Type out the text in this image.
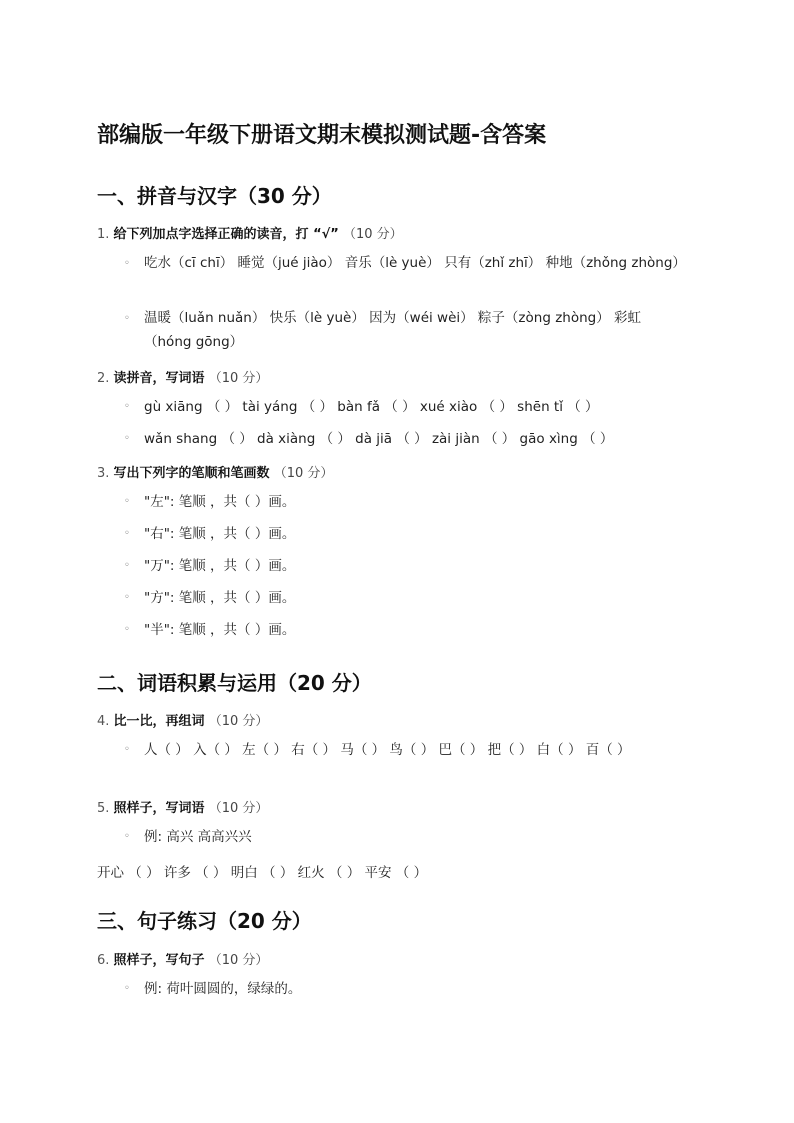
部编版一年级下册语文期末模拟测试题-含答案
一、拼音与汉字（30 分）
1. 给下列加点字选择正确的读音，打 “√” （10 分）
◦ 吃水（cī chī） 睡觉（jué jiào） 音乐（lè yuè） 只有（zhǐ zhī） 种地（zhǒng zhòng）
◦ 温暖（luǎn nuǎn） 快乐（lè yuè） 因为（wéi wèi） 粽子（zòng zhòng） 彩虹 （hóng gōng）
2. 读拼音，写词语 （10 分）
◦ gù xiāng （ ） tài yáng （ ） bàn fǎ （ ） xué xiào （ ） shēn tǐ （ ）
◦ wǎn shang （ ） dà xiàng （ ） dà jiā （ ） zài jiàn （ ） gāo xìng （ ）
3. 写出下列字的笔顺和笔画数 （10 分）
◦ "左": 笔顺 ，共（ ）画。
◦ "右": 笔顺 ，共（ ）画。
◦ "万": 笔顺 ，共（ ）画。
◦ "方": 笔顺 ，共（ ）画。
◦ "半": 笔顺 ，共（ ）画。
二、词语积累与运用（20 分）
4. 比一比，再组词 （10 分）
◦ 人（ ） 入（ ） 左（ ） 右（ ） 马（ ） 鸟（ ） 巴（ ） 把（ ） 白（ ） 百（ ）
5. 照样子，写词语 （10 分）
◦ 例: 高兴 高高兴兴
开心 （ ） 许多 （ ） 明白 （ ） 红火 （ ） 平安 （ ）
三、句子练习（20 分）
6. 照样子，写句子 （10 分）
◦ 例: 荷叶圆圆的，绿绿的。
